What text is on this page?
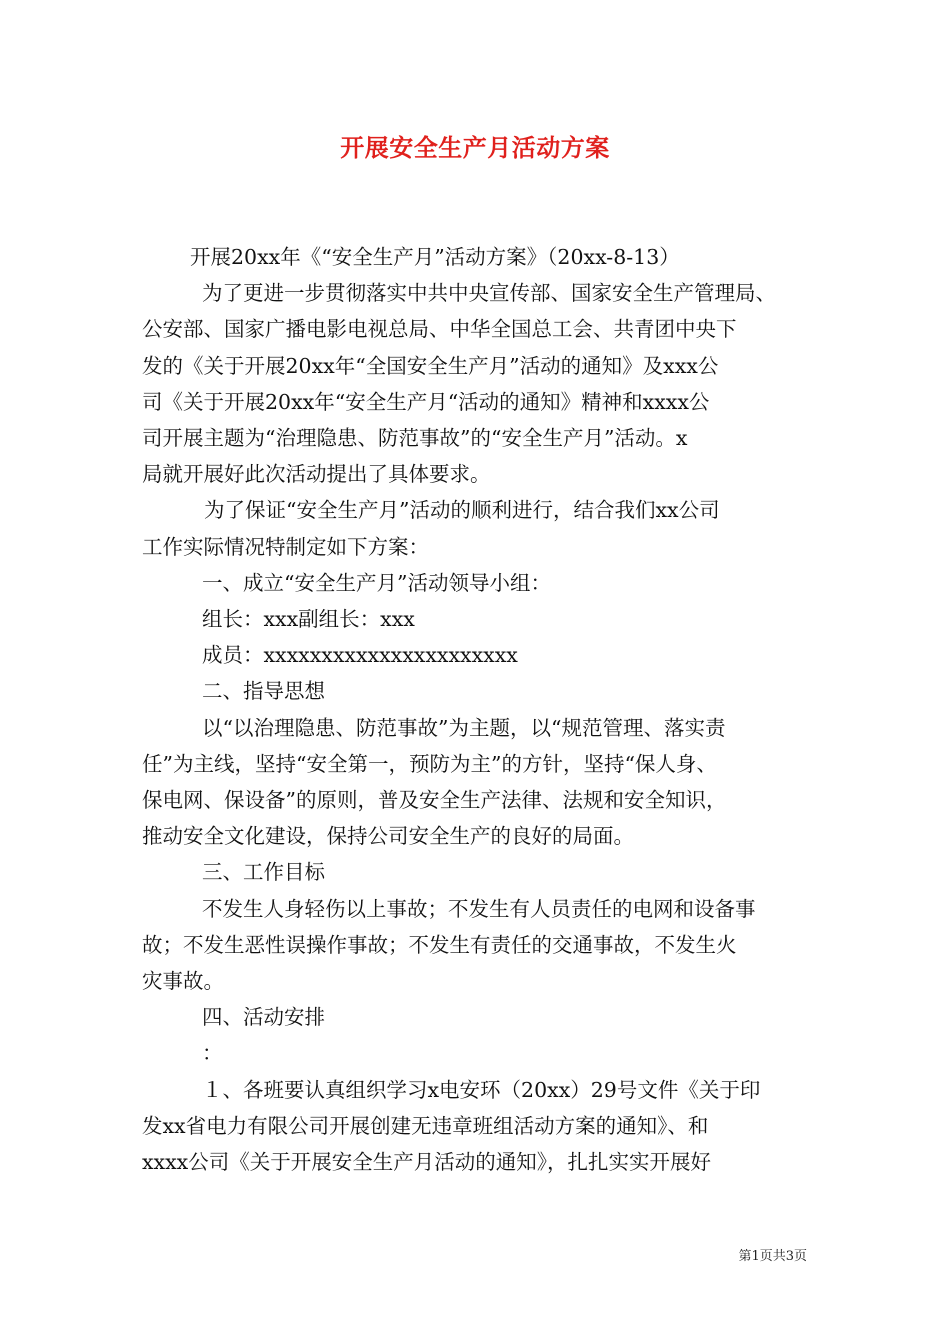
开展安全生产月活动方案

开展20xx年《“安全生产月”活动方案》（20xx-8-13）

为了更进一步贯彻落实中共中央宣传部、国家安全生产管理局、

公安部、国家广播电影电视总局、中华全国总工会、共青团中央下

发的《关于开展20xx年“全国安全生产月”活动的通知》及xxx公

司《关于开展20xx年“安全生产月“活动的通知》精神和xxxx公

司开展主题为“治理隐患、防范事故”的“安全生产月”活动。x

局就开展好此次活动提出了具体要求。

为了保证“安全生产月”活动的顺利进行，结合我们xx公司

工作实际情况特制定如下方案：

一、成立“安全生产月”活动领导小组：

组长：xxx副组长：xxx

成员：xxxxxxxxxxxxxxxxxxxxxx

二、指导思想

以“以治理隐患、防范事故”为主题，以“规范管理、落实责

任”为主线，坚持“安全第一，预防为主”的方针，坚持“保人身、

保电网、保设备”的原则，普及安全生产法律、法规和安全知识，

推动安全文化建设，保持公司安全生产的良好的局面。

三、工作目标

不发生人身轻伤以上事故；不发生有人员责任的电网和设备事

故；不发生恶性误操作事故；不发生有责任的交通事故，不发生火

灾事故。

四、活动安排

：

１、各班要认真组织学习x电安环（20xx）29号文件《关于印

发xx省电力有限公司开展创建无违章班组活动方案的通知》、和

xxxx公司《关于开展安全生产月活动的通知》，扎扎实实开展好

第1页共3页
